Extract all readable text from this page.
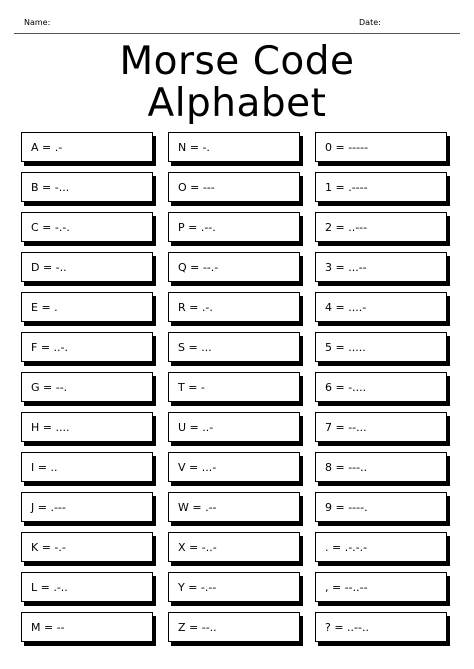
Name:	Date:
Morse Code
Alphabet
A = .-
B = -...
C = -.-.
D = -..
E = .
F = ..-.
G = --.
H = ....
I = ..
J = .---
K = -.-
L = .-..
M = --
N = -.
O = ---
P = .--.
Q = --.-
R = .-.
S = ...
T = -
U = ..-
V = ...-
W = .--
X = -..-
Y = -.--
Z = --..
0 = -----
1 = .----
2 = ..---
3 = ...--
4 = ....-
5 = .....
6 = -....
7 = --...
8 = ---..
9 = ----.
. = .-.-.-
, = --..--
? = ..--..
